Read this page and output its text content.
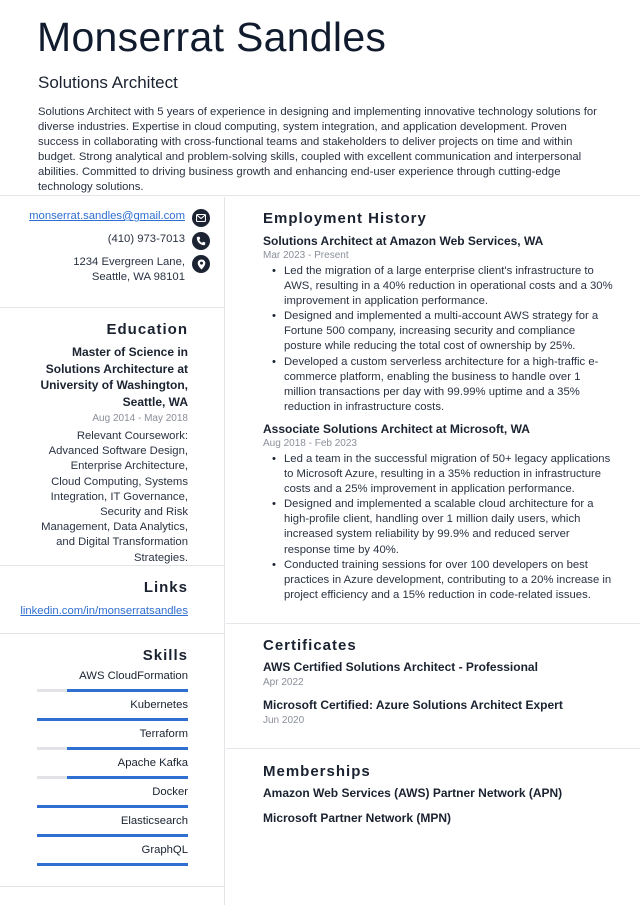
Monserrat Sandles
Solutions Architect
Solutions Architect with 5 years of experience in designing and implementing innovative technology solutions for diverse industries. Expertise in cloud computing, system integration, and application development. Proven success in collaborating with cross-functional teams and stakeholders to deliver projects on time and within budget. Strong analytical and problem-solving skills, coupled with excellent communication and interpersonal abilities. Committed to driving business growth and enhancing end-user experience through cutting-edge technology solutions.
monserrat.sandles@gmail.com
(410) 973-7013
1234 Evergreen Lane, Seattle, WA 98101
Education
Master of Science in Solutions Architecture at University of Washington, Seattle, WA
Aug 2014 - May 2018
Relevant Coursework: Advanced Software Design, Enterprise Architecture, Cloud Computing, Systems Integration, IT Governance, Security and Risk Management, Data Analytics, and Digital Transformation Strategies.
Links
linkedin.com/in/monserratsandles
Skills
AWS CloudFormation
Kubernetes
Terraform
Apache Kafka
Docker
Elasticsearch
GraphQL
Employment History
Solutions Architect at Amazon Web Services, WA
Mar 2023 - Present
• Led the migration of a large enterprise client's infrastructure to AWS, resulting in a 40% reduction in operational costs and a 30% improvement in application performance.
• Designed and implemented a multi-account AWS strategy for a Fortune 500 company, increasing security and compliance posture while reducing the total cost of ownership by 25%.
• Developed a custom serverless architecture for a high-traffic e-commerce platform, enabling the business to handle over 1 million transactions per day with 99.99% uptime and a 35% reduction in infrastructure costs.
Associate Solutions Architect at Microsoft, WA
Aug 2018 - Feb 2023
• Led a team in the successful migration of 50+ legacy applications to Microsoft Azure, resulting in a 35% reduction in infrastructure costs and a 25% improvement in application performance.
• Designed and implemented a scalable cloud architecture for a high-profile client, handling over 1 million daily users, which increased system reliability by 99.9% and reduced server response time by 40%.
• Conducted training sessions for over 100 developers on best practices in Azure development, contributing to a 20% increase in project efficiency and a 15% reduction in code-related issues.
Certificates
AWS Certified Solutions Architect - Professional
Apr 2022
Microsoft Certified: Azure Solutions Architect Expert
Jun 2020
Memberships
Amazon Web Services (AWS) Partner Network (APN)
Microsoft Partner Network (MPN)
